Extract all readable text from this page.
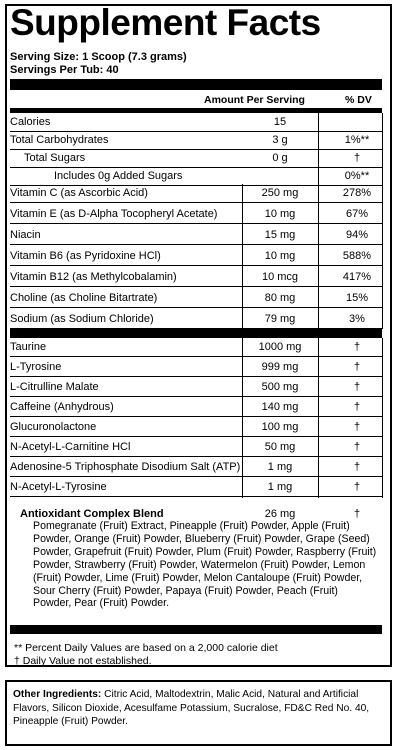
Supplement Facts
Serving Size: 1 Scoop (7.3 grams)
Servings Per Tub: 40
Amount Per Serving	% DV
Calories	15
Total Carbohydrates	3 g	1%**
Total Sugars	0 g	†
Includes 0g Added Sugars	0%**
Vitamin C (as Ascorbic Acid)	250 mg	278%
Vitamin E (as D-Alpha Tocopheryl Acetate)	10 mg	67%
Niacin	15 mg	94%
Vitamin B6 (as Pyridoxine HCl)	10 mg	588%
Vitamin B12 (as Methylcobalamin)	10 mcg	417%
Choline (as Choline Bitartrate)	80 mg	15%
Sodium (as Sodium Chloride)	79 mg	3%
Taurine	1000 mg	†
L-Tyrosine	999 mg	†
L-Citrulline Malate	500 mg	†
Caffeine (Anhydrous)	140 mg	†
Glucuronolactone	100 mg	†
N-Acetyl-L-Carnitine HCl	50 mg	†
Adenosine-5 Triphosphate Disodium Salt (ATP)	1 mg	†
N-Acetyl-L-Tyrosine	1 mg	†
Antioxidant Complex Blend	26 mg	†
Pomegranate (Fruit) Extract, Pineapple (Fruit) Powder, Apple (Fruit) Powder, Orange (Fruit) Powder, Blueberry (Fruit) Powder, Grape (Seed) Powder, Grapefruit (Fruit) Powder, Plum (Fruit) Powder, Raspberry (Fruit) Powder, Strawberry (Fruit) Powder, Watermelon (Fruit) Powder, Lemon (Fruit) Powder, Lime (Fruit) Powder, Melon Cantaloupe (Fruit) Powder, Sour Cherry (Fruit) Powder, Papaya (Fruit) Powder, Peach (Fruit) Powder, Pear (Fruit) Powder.
** Percent Daily Values are based on a 2,000 calorie diet
† Daily Value not established.
Other Ingredients: Citric Acid, Maltodextrin, Malic Acid, Natural and Artificial Flavors, Silicon Dioxide, Acesulfame Potassium, Sucralose, FD&C Red No. 40, Pineapple (Fruit) Powder.
